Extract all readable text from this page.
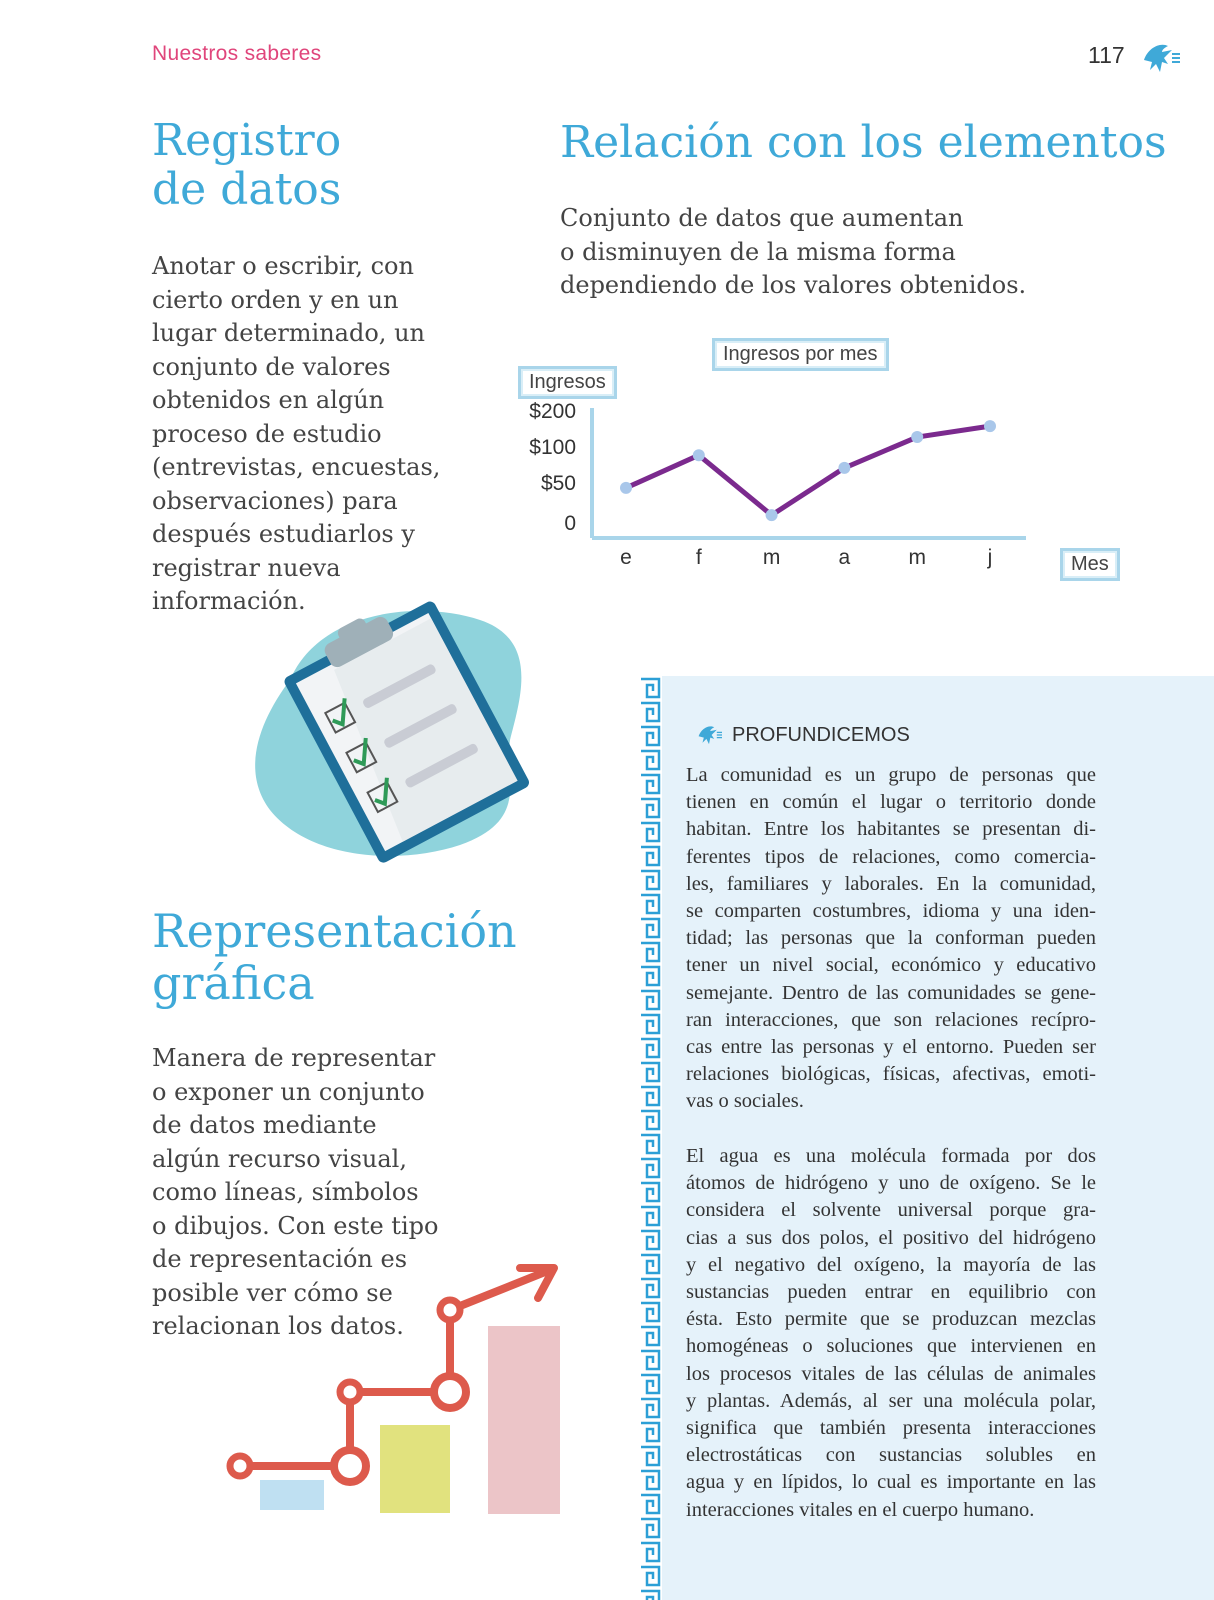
Nuestros saberes	117
Registro
de datos

Anotar o escribir, con
cierto orden y en un
lugar determinado, un
conjunto de valores
obtenidos en algún
proceso de estudio
(entrevistas, encuestas,
observaciones) para
después estudiarlos y
registrar nueva
información.

Relación con los elementos

Conjunto de datos que aumentan
o disminuyen de la misma forma
dependiendo de los valores obtenidos.

Ingresos por mes
Ingresos
Mes
$200
$100
$50
0
e	f	m	a	m	j
Representación
gráfica

Manera de representar
o exponer un conjunto
de datos mediante
algún recurso visual,
como líneas, símbolos
o dibujos. Con este tipo
de representación es
posible ver cómo se
relacionan los datos.

PROFUNDICEMOS

La comunidad es un grupo de personas que
tienen en común el lugar o territorio donde
habitan. Entre los habitantes se presentan di-
ferentes tipos de relaciones, como comercia-
les, familiares y laborales. En la comunidad,
se comparten costumbres, idioma y una iden-
tidad; las personas que la conforman pueden
tener un nivel social, económico y educativo
semejante. Dentro de las comunidades se gene-
ran interacciones, que son relaciones recípro-
cas entre las personas y el entorno. Pueden ser
relaciones biológicas, físicas, afectivas, emoti-
vas o sociales.

El agua es una molécula formada por dos
átomos de hidrógeno y uno de oxígeno. Se le
considera el solvente universal porque gra-
cias a sus dos polos, el positivo del hidrógeno
y el negativo del oxígeno, la mayoría de las
sustancias pueden entrar en equilibrio con
ésta. Esto permite que se produzcan mezclas
homogéneas o soluciones que intervienen en
los procesos vitales de las células de animales
y plantas. Además, al ser una molécula polar,
significa que también presenta interacciones
electrostáticas con sustancias solubles en
agua y en lípidos, lo cual es importante en las
interacciones vitales en el cuerpo humano.
